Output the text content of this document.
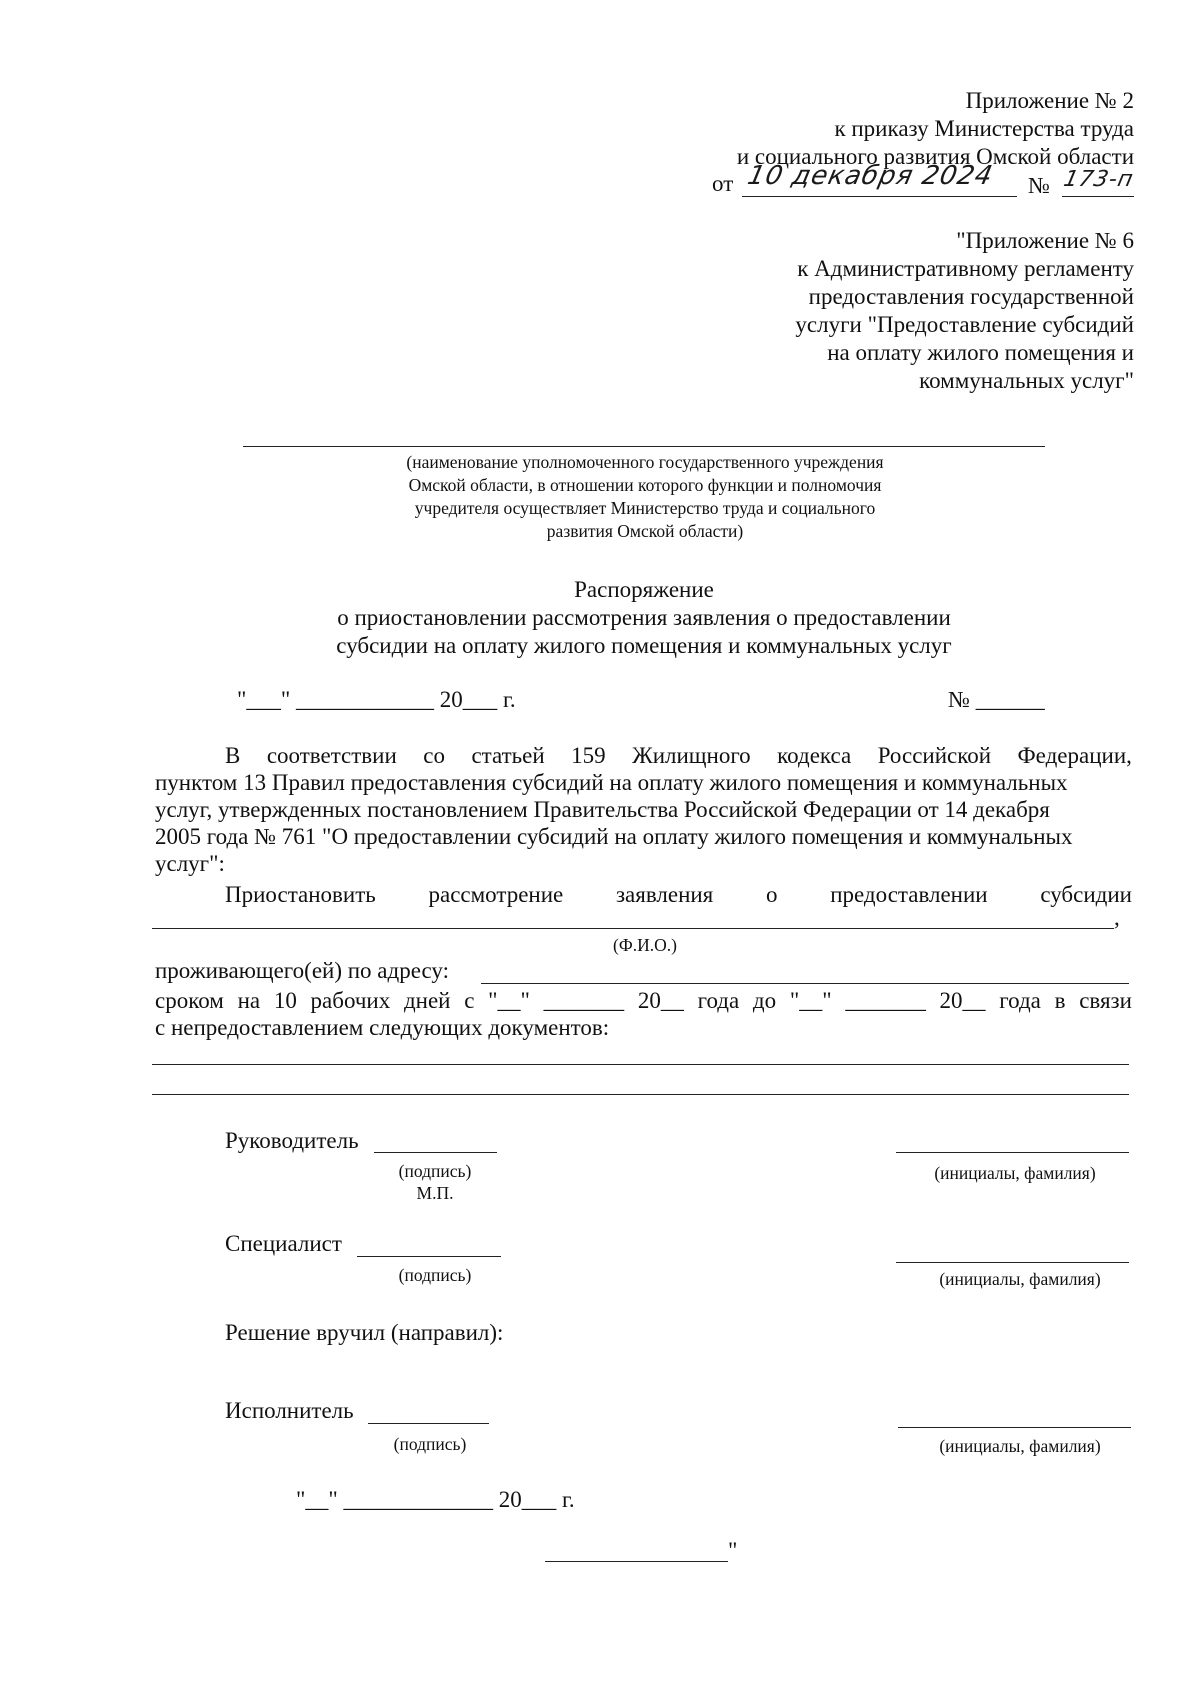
Приложение № 2
к приказу Министерства труда
и социального развития Омской области
от 10 декабря 2024 № 173-п
"Приложение № 6
к Административному регламенту
предоставления государственной
услуги "Предоставление субсидий
на оплату жилого помещения и
коммунальных услуг"
(наименование уполномоченного государственного учреждения
Омской области, в отношении которого функции и полномочия
учредителя осуществляет Министерство труда и социального
развития Омской области)
Распоряжение
о приостановлении рассмотрения заявления о предоставлении
субсидии на оплату жилого помещения и коммунальных услуг
"___" ____________ 20___ г.	№ ______
В соответствии со статьей 159 Жилищного кодекса Российской Федерации,
пунктом 13 Правил предоставления субсидий на оплату жилого помещения и коммунальных
услуг, утвержденных постановлением Правительства Российской Федерации от 14 декабря
2005 года № 761 "О предоставлении субсидий на оплату жилого помещения и коммунальных
услуг":
Приостановить рассмотрение заявления о предоставлении субсидии
,
(Ф.И.О.)
проживающего(ей) по адресу:
сроком на 10 рабочих дней с "__" _______ 20__ года до "__" _______ 20__ года в связи
с непредоставлением следующих документов:
Руководитель
(подпись)	(инициалы, фамилия)
М.П.
Специалист
(подпись)	(инициалы, фамилия)
Решение вручил (направил):
Исполнитель
(подпись)	(инициалы, фамилия)
"__" _____________ 20___ г.
"
